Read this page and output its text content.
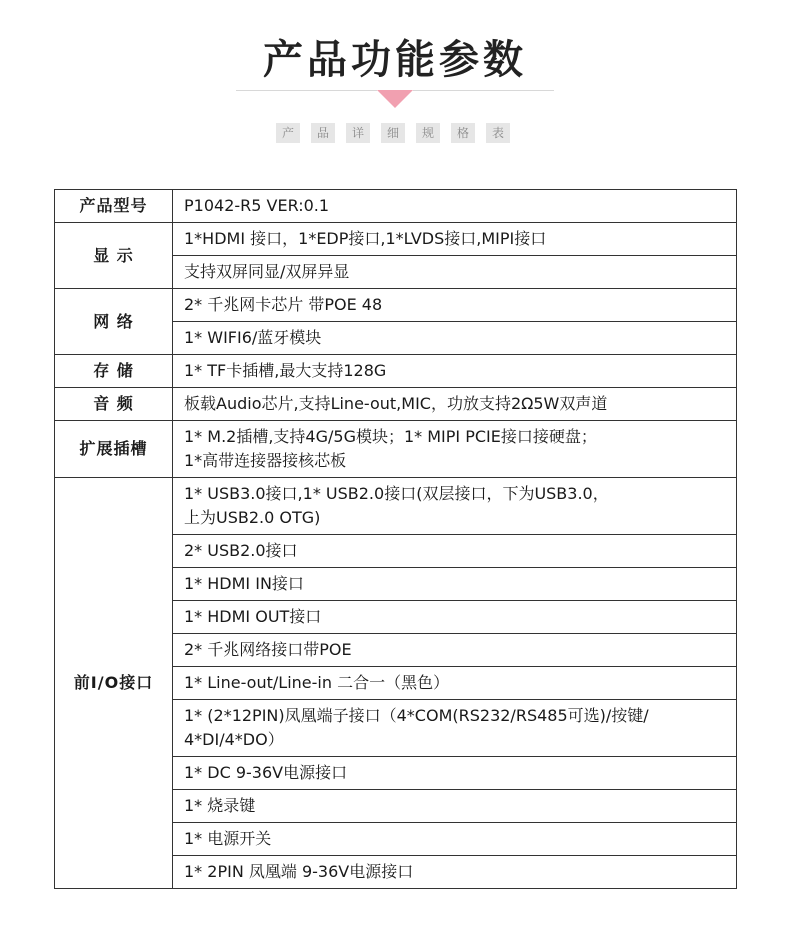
产品功能参数
产	品	详	细	规	格	表
产品型号	P1042-R5 VER:0.1
显 示	1*HDMI 接口，1*EDP接口,1*LVDS接口,MIPI接口
	支持双屏同显/双屏异显
网 络	2* 千兆网卡芯片 带POE 48
	1* WIFI6/蓝牙模块
存 储	1* TF卡插槽,最大支持128G
音 频	板载Audio芯片,支持Line-out,MIC，功放支持2Ω5W双声道
扩展插槽	1* M.2插槽,支持4G/5G模块；1* MIPI PCIE接口接硬盘；
1*高带连接器接核芯板
前I/O接口	1* USB3.0接口,1* USB2.0接口(双层接口，下为USB3.0，
上为USB2.0 OTG)
	2* USB2.0接口
	1* HDMI IN接口
	1* HDMI OUT接口
	2* 千兆网络接口带POE
	1* Line-out/Line-in 二合一（黑色）
	1* (2*12PIN)凤凰端子接口（4*COM(RS232/RS485可选)/按键/
4*DI/4*DO）
	1* DC 9-36V电源接口
	1* 烧录键
	1* 电源开关
	1* 2PIN 凤凰端 9-36V电源接口
